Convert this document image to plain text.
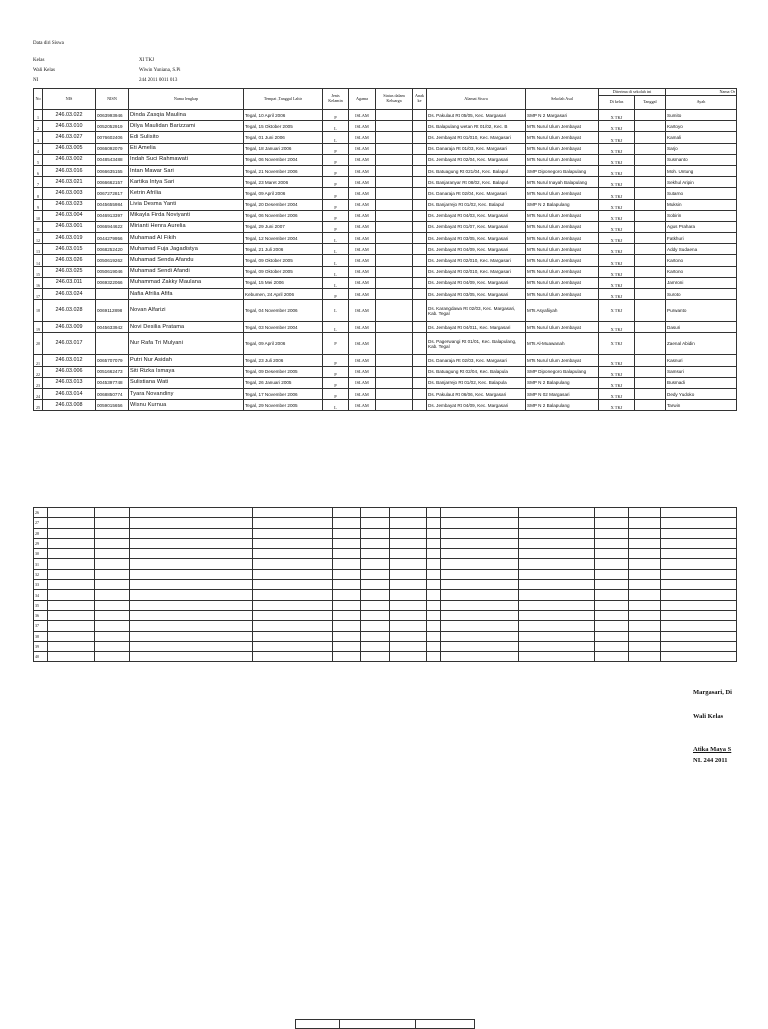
Data diri Siswa
Kelas	XI TKJ
Wali Kelas	Wiwin Yuniana, S.Pi
NI	244 2011 0011 013
No	NIS	NISN	Nama lengkap	Tempat ,Tanggal Lahir	Jenis Kelamin	Agama	Status dalam Keluarga	Anak ke	Alamat Siswa	Sekolah Asal	Diterima di sekolah ini		Nama Or
											Di kelas	Tanggal	Ayah
1	246.03.022	0063993946	Dinda Zasqia Maulina	Tegal, 10 April 2006	P	ISLAM			Ds. Pakulaut Rt 05/05, Kec. Margasari	SMP N 2 Margasari	X TKJ		Sumito
2	246.03.010	0052052919	Dilya Maulidan Barizzami	Tegal, 15 Oktober 2005	L	ISLAM			Ds. Balapulang wetan Rt 01/02, Kec. B	MTs Nurul Ulum Jembayat	X TKJ		Kartoyo
3	246.03.027	0076602406	Edi Sulisito	Tegal, 01 Juni 2006	L	ISLAM			Ds. Jembayat Rt 01/010, Kec. Margasari	MTs Nurul Ulum Jembayat	X TKJ		Kamali
4	246.03.005	0066092079	Eti Amelia	Tegal, 18 Januari 2006	P	ISLAM			Ds. Danaraja Rt 01/03, Kec. Margasari	MTs Nurul Ulum Jembayat	X TKJ		Sarjo
5	246.03.002	0048543488	Indah Suci Rahmawati	Tegal, 06 November 2004	P	ISLAM			Ds. Jembayat Rt 02/04, Kec. Margasari	MTs Nurul Ulum Jembayat	X TKJ		Susmanto
6	246.03.016	0066635155	Intan Mawar Sari	Tegal, 21 November 2006	P	ISLAM			Ds. Batuagung Rt 021/04, Kec. Balapul	SMP Diponegoro Balapulang	X TKJ		Moh. Untung
7	246.03.021	0066662157	Kartika Intya Sari	Tegal, 23 Maret 2006	P	ISLAM			Ds. Banjaranyar Rt 08/02, Kec. Balapul	MTs Nurul Inayah Balapulang	X TKJ		Sekhul Aripin
8	246.03.003	0067272817	Ketrin Afrilia	Tegal, 09 April 2006	P	ISLAM			Ds. Danaraja Rt 02/04, Kec. Margasari	MTs Nurul Ulum Jembayat	X TKJ		Sutarno
9	246.03.023	0045655984	Livia Desma Yanti	Tegal, 20 Desember 2004	P	ISLAM			Ds. Banjarrejo Rt 01/02, Kec. Balapul	SMP N 2 Balapulang	X TKJ		Muksin
10	246.03.004	0046913397	Mikayla Firda Noviyanti	Tegal, 06 November 2006	P	ISLAM			Ds. Jembayat Rt 04/03, Kec. Margasari	MTs Nurul Ulum Jembayat	X TKJ		Sobirin
11	246.03.001	0066944622	Mirianti Henra Aurelia	Tegal, 29 Juni 2007	P	ISLAM			Ds. Jembayat Rt 01/07, Kec. Margasari	MTs Nurul Ulum Jembayat	X TKJ		Agus Prahara
12	246.03.019	0044279956	Muhamad Al Fikih	Tegal, 12 November 2004	L	ISLAM			Ds. Jembayat Rt 03/05, Kec. Margasari	MTs Nurul Ulum Jembayat	X TKJ		Fatkhuri
13	246.03.015	0068252420	Muhamad Fuja Jagadistya	Tegal, 21 Juli 2006	L	ISLAM			Ds. Jembayat Rt 04/09, Kec. Margasari	MTs Nurul Ulum Jembayat	X TKJ		Addy Sudaena
14	246.03.026	0050619262	Muhamad Senda Afandu	Tegal, 09 Oktober 2005	L	ISLAM			Ds. Jembayat Rt 02/010, Kec. Margasari	MTs Nurul Ulum Jembayat	X TKJ		Kartono
15	246.03.025	0050619046	Muhamad Sendi Afandi	Tegal, 09 Oktober 2005	L	ISLAM			Ds. Jembayat Rt 02/010, Kec. Margasari	MTs Nurul Ulum Jembayat	X TKJ		Kartono
16	246.03.011	0069322066	Muhammad Zakky Maulana	Tegal, 15 Mei 2006	L	ISLAM			Ds. Jembayat Rt 04/09, Kec. Margasari	MTs Nurul Ulum Jembayat	X TKJ		Jamroni
17	246.03.024		Nafia Afrilia Afifa	Kebumen, 24 April 2006	P	ISLAM			Ds. Jembayat Rt 03/05, Kec. Margasari	MTs Nurul Ulum Jembayat	X TKJ		Suroto
18	246.03.028	0069112898	Novan Alfarizi	Tegal, 04 November 2006	L	ISLAM			Ds. Karangdawa Rt 02/03, Kec. Margasari, Kab. Tegal	MTs Asyafiiyah	X TKJ		Purwanto
19	246.03.009	0045633942	Novi Desilia Pratama	Tegal, 03 November 2004	L	ISLAM			Ds. Jembayat Rt 04/011, Kec. Margasari	MTs Nurul Ulum Jembayat	X TKJ		Dasuri
20	246.03.017		Nur Rafa Tri Mulyani	Tegal, 09 April 2006	P	ISLAM			Ds. Pagerwangi Rt 01/01, Kec. Balapulang, Kab. Tegal	MTs Al-Muawanah	X TKJ		Zaenal Abidin
21	246.03.012	0065707079	Putri Nur Asidah	Tegal, 23 Juli 2006	P	ISLAM			Ds. Danaraja Rt 02/03, Kec. Margasari	MTs Nurul Ulum Jembayat	X TKJ		Kasnuri
22	246.03.006	0051662473	Siti Rizka Ismaya	Tegal, 09 Desember 2005	P	ISLAM			Ds. Batuagung Rt 02/04, Kec. Balapula	SMP Diponegoro Balapulang	X TKJ		Samsuri
23	246.03.013	0045397748	Sulistiana Wati	Tegal, 26 Januari 2005	P	ISLAM			Ds. Banjarrejo Rt 01/02, Kec. Balapula	SMP N 2 Balapulang	X TKJ		Busmadi
24	246.03.014	0068850774	Tyara Novandiny	Tegal, 17 November 2006	P	ISLAM			Ds. Pakulaut Rt 06/06, Kec. Margasari	SMP N 02 Margasari	X TKJ		Dedy Yudoko
25	246.03.008	0059015656	Wisnu Kurnua	Tegal, 29 November 2005	L	ISLAM			Ds. Jembayat Rt 04/09, Kec. Margasari	SMP N 2 Balapulang	X TKJ		Tarwin
26													
27													
28													
29													
30													
31													
32													
33													
34													
35													
36													
37													
38													
39													
40													
Margasari, Di
Wali Kelas
Atika Maya S
NI. 244 2011
